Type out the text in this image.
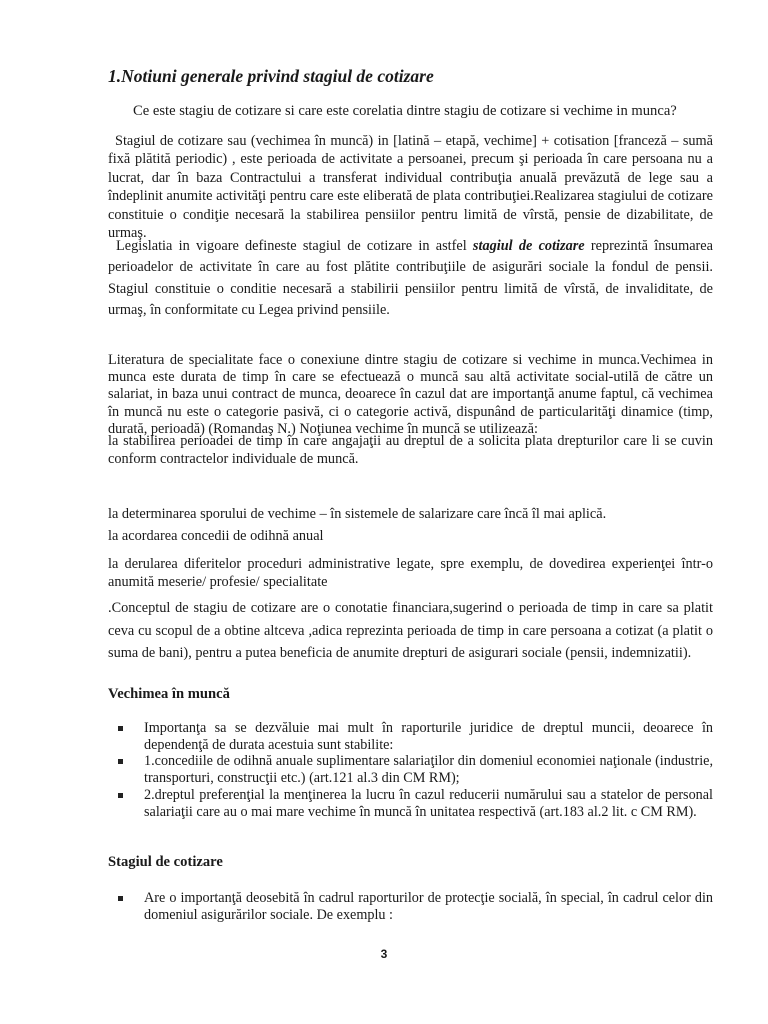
1.Notiuni generale privind stagiul de cotizare

Ce este stagiu de cotizare si care este corelatia dintre stagiu de cotizare si vechime in munca?

Stagiul de cotizare sau (vechimea în muncă) in [latină – etapă, vechime] + cotisation [franceză – sumă fixă plătită periodic) , este perioada de activitate a persoanei, precum şi perioada în care persoana nu a lucrat, dar în baza Contractului a transferat individual contribuţia anuală prevăzută de lege sau a îndeplinit anumite activităţi pentru care este eliberată de plata contribuţiei.Realizarea stagiului de cotizare constituie o condiţie necesară la stabilirea pensiilor pentru limită de vîrstă, pensie de dizabilitate, de urmaş.

Legislatia in vigoare defineste stagiul de cotizare in astfel stagiul de cotizare reprezintă însumarea perioadelor de activitate în care au fost plătite contribuţiile de asigurări sociale la fondul de pensii. Stagiul constituie o conditie necesară a stabilirii pensiilor pentru limită de vîrstă, de invaliditate, de urmaş, în conformitate cu Legea privind pensiile.

Literatura de specialitate face o conexiune dintre stagiu de cotizare si vechime in munca.Vechimea in munca este durata de timp în care se efectuează o muncă sau altă activitate social-utilă de către un salariat, in baza unui contract de munca, deoarece în cazul dat are importanţă anume faptul, că vechimea în muncă nu este o categorie pasivă, ci o categorie activă, dispunând de particularităţi dinamice (timp, durată, perioadă) (Romandaş N.) Noţiunea vechime în muncă se utilizează:

la stabilirea perioadei de timp în care angajaţii au dreptul de a solicita plata drepturilor care li se cuvin conform contractelor individuale de muncă.

la determinarea sporului de vechime – în sistemele de salarizare care încă îl mai aplică.

la acordarea concedii de odihnă anual

la derularea diferitelor proceduri administrative legate, spre exemplu, de dovedirea experienţei într-o anumită meserie/ profesie/ specialitate

.Conceptul de stagiu de cotizare are o conotatie financiara,sugerind o perioada de timp in care sa platit ceva cu scopul de a obtine altceva ,adica reprezinta perioada de timp in care persoana a cotizat (a platit o suma de bani), pentru a putea beneficia de anumite drepturi de asigurari sociale (pensii, indemnizatii).

Vechimea în muncă
Importanţa sa se dezvăluie mai mult în raporturile juridice de dreptul muncii, deoarece în dependenţă de durata acestuia sunt stabilite:
1.concediile de odihnă anuale suplimentare salariaţilor din domeniul economiei naţionale (industrie, transporturi, construcţii etc.) (art.121 al.3 din CM RM);
2.dreptul preferenţial la menţinerea la lucru în cazul reducerii numărului sau a statelor de personal salariaţii care au o mai mare vechime în muncă în unitatea respectivă (art.183 al.2 lit. c CM RM).
Stagiul de cotizare
Are o importanţă deosebită în cadrul raporturilor de protecţie socială, în special, în cadrul celor din domeniul asigurărilor sociale. De exemplu :
3
